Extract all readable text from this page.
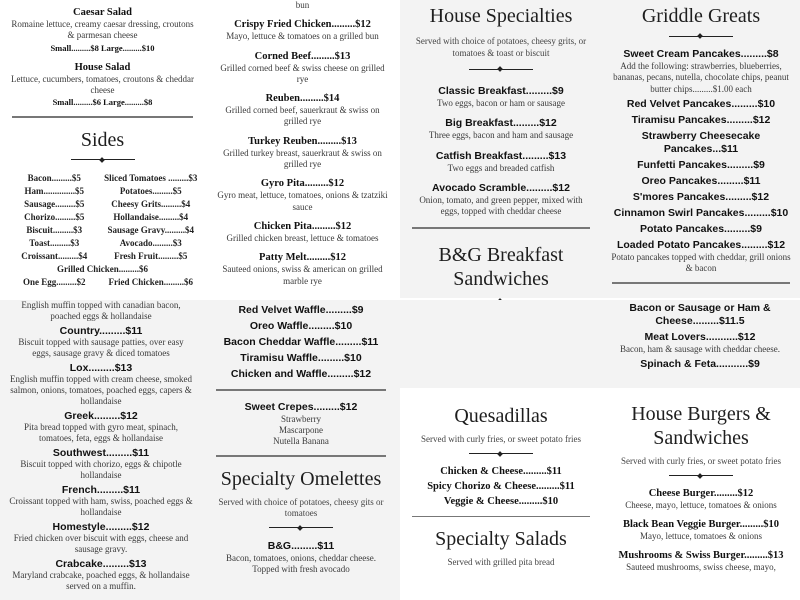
Caesar Salad
Romaine lettuce, creamy caesar dressing, croutons & parmesan cheese
Small.........$8 Large.........$10
House Salad
Lettuce, cucumbers, tomatoes, croutons & cheddar cheese
Small.........$6 Large.........$8
Sides
Bacon.........$5	Sliced Tomatoes .........$3
Ham..............$5	Potatoes.........$5
Sausage.........$5	Cheesy Grits.........$4
Chorizo.........$5	Hollandaise.........$4
Biscuit.........$3	Sausage Gravy.........$4
Toast.........$3	Avocado.........$3
Croissant.........$4	Fresh Fruit.........$5
Grilled Chicken.........$6
One Egg.........$2	Fried Chicken.........$6
bun
Crispy Fried Chicken.........$12
Mayo, lettuce & tomatoes on a grilled bun
Corned Beef.........$13
Grilled corned beef & swiss cheese on grilled rye
Reuben.........$14
Grilled corned beef, sauerkraut & swiss on grilled rye
Turkey Reuben.........$13
Grilled turkey breast, sauerkraut & swiss on grilled rye
Gyro Pita.........$12
Gyro meat, lettuce, tomatoes, onions & tzatziki sauce
Chicken Pita.........$12
Grilled chicken breast, lettuce & tomatoes
Patty Melt.........$12
Sauteed onions, swiss & american on grilled marble rye
House Specialties
Served with choice of potatoes, cheesy grits, or tomatoes & toast or biscuit
Classic Breakfast.........$9
Two eggs, bacon or ham or sausage
Big Breakfast.........$12
Three eggs, bacon and ham and sausage
Catfish Breakfast.........$13
Two eggs and breaded catfish
Avocado Scramble.........$12
Onion, tomato, and green pepper, mixed with eggs, topped with cheddar cheese
B&G Breakfast Sandwiches
Griddle Greats
Sweet Cream Pancakes.........$8
Add the following: strawberries, blueberries, bananas, pecans, nutella, chocolate chips, peanut butter chips.........$1.00 each
Red Velvet Pancakes.........$10
Tiramisu Pancakes.........$12
Strawberry Cheesecake Pancakes...$11
Funfetti Pancakes.........$9
Oreo Pancakes.........$11
S'mores Pancakes.........$12
Cinnamon Swirl Pancakes.........$10
Potato Pancakes.........$9
Loaded Potato Pancakes.........$12
Potato pancakes topped with cheddar, grill onions & bacon
English muffin topped with canadian bacon, poached eggs & hollandaise
Country.........$11
Biscuit topped with sausage patties, over easy eggs, sausage gravy & diced tomatoes
Lox.........$13
English muffin topped with cream cheese, smoked salmon, onions, tomatoes, poached eggs, capers & hollandaise
Greek.........$12
Pita bread topped with gyro meat, spinach, tomatoes, feta, eggs & hollandaise
Southwest.........$11
Biscuit topped with chorizo, eggs & chipotle hollandaise
French.........$11
Croissant topped with ham, swiss, poached eggs & hollandaise
Homestyle.........$12
Fried chicken over biscuit with eggs, cheese and sausage gravy.
Crabcake.........$13
Maryland crabcake, poached eggs, & hollandaise served on a muffin.
Red Velvet Waffle.........$9
Oreo Waffle.........$10
Bacon Cheddar Waffle.........$11
Tiramisu Waffle.........$10
Chicken and Waffle.........$12
Sweet Crepes.........$12
Strawberry
Mascarpone
Nutella Banana
Specialty Omelettes
Served with choice of potatoes, cheesy gits or tomatoes
B&G.........$11
Bacon, tomatoes, onions, cheddar cheese. Topped with fresh avocado
Bacon or Sausage or Ham & Cheese.........$11.5
Meat Lovers...........$12
Bacon, ham & sausage with cheddar cheese.
Spinach & Feta...........$9
Quesadillas
Served with curly fries, or sweet potato fries
Chicken & Cheese.........$11
Spicy Chorizo & Cheese.........$11
Veggie & Cheese.........$10
Specialty Salads
Served with grilled pita bread
House Burgers & Sandwiches
Served with curly fries, or sweet potato fries
Cheese Burger.........$12
Cheese, mayo, lettuce, tomatoes & onions
Black Bean Veggie Burger.........$10
Mayo, lettuce, tomatoes & onions
Mushrooms & Swiss Burger.........$13
Sauteed mushrooms, swiss cheese, mayo,
